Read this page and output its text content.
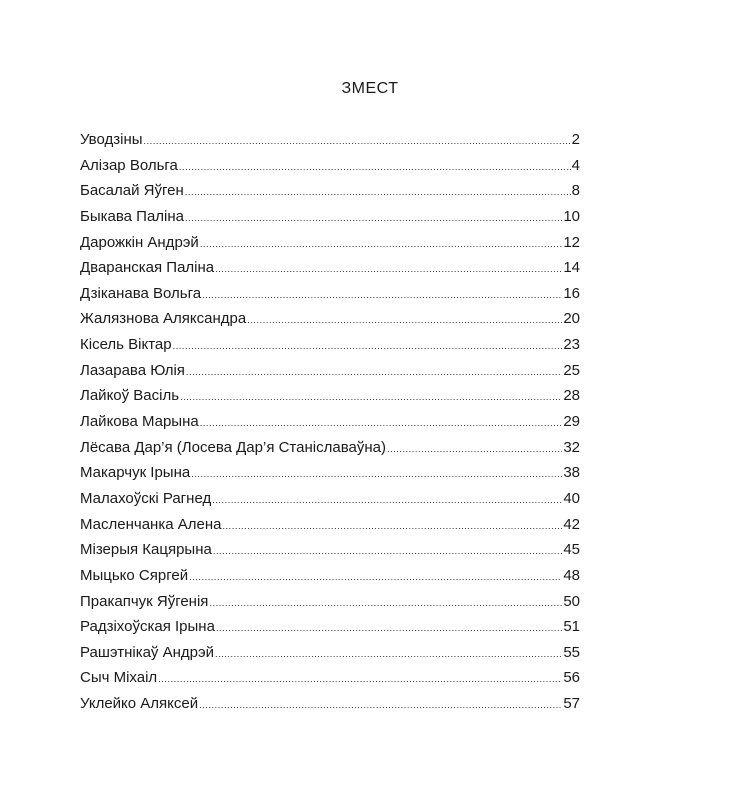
ЗМЕСТ
Уводзіны .....	2
Алізар Вольга .....	4
Басалай Яўген .....	8
Быкава Паліна .....	10
Дарожкін Андрэй .....	12
Дваранская Паліна .....	14
Дзіканава Вольга .....	16
Жалязнова Аляксандра .....	20
Кісель Віктар .....	23
Лазарава Юлія .....	25
Лайкоў Васіль .....	28
Лайкова Марына .....	29
Лёсава Дар’я (Лосева Дар’я Станіславаўна) .....	32
Макарчук Ірына .....	38
Малахоўскі Рагнед .....	40
Масленчанка Алена .....	42
Мізерыя Кацярына .....	45
Мыцько Сяргей .....	48
Пракапчук Яўгенія .....	50
Радзіхоўская Ірына .....	51
Рашэтнікаў Андрэй .....	55
Сыч Міхаіл .....	56
Уклейко Аляксей .....	57
